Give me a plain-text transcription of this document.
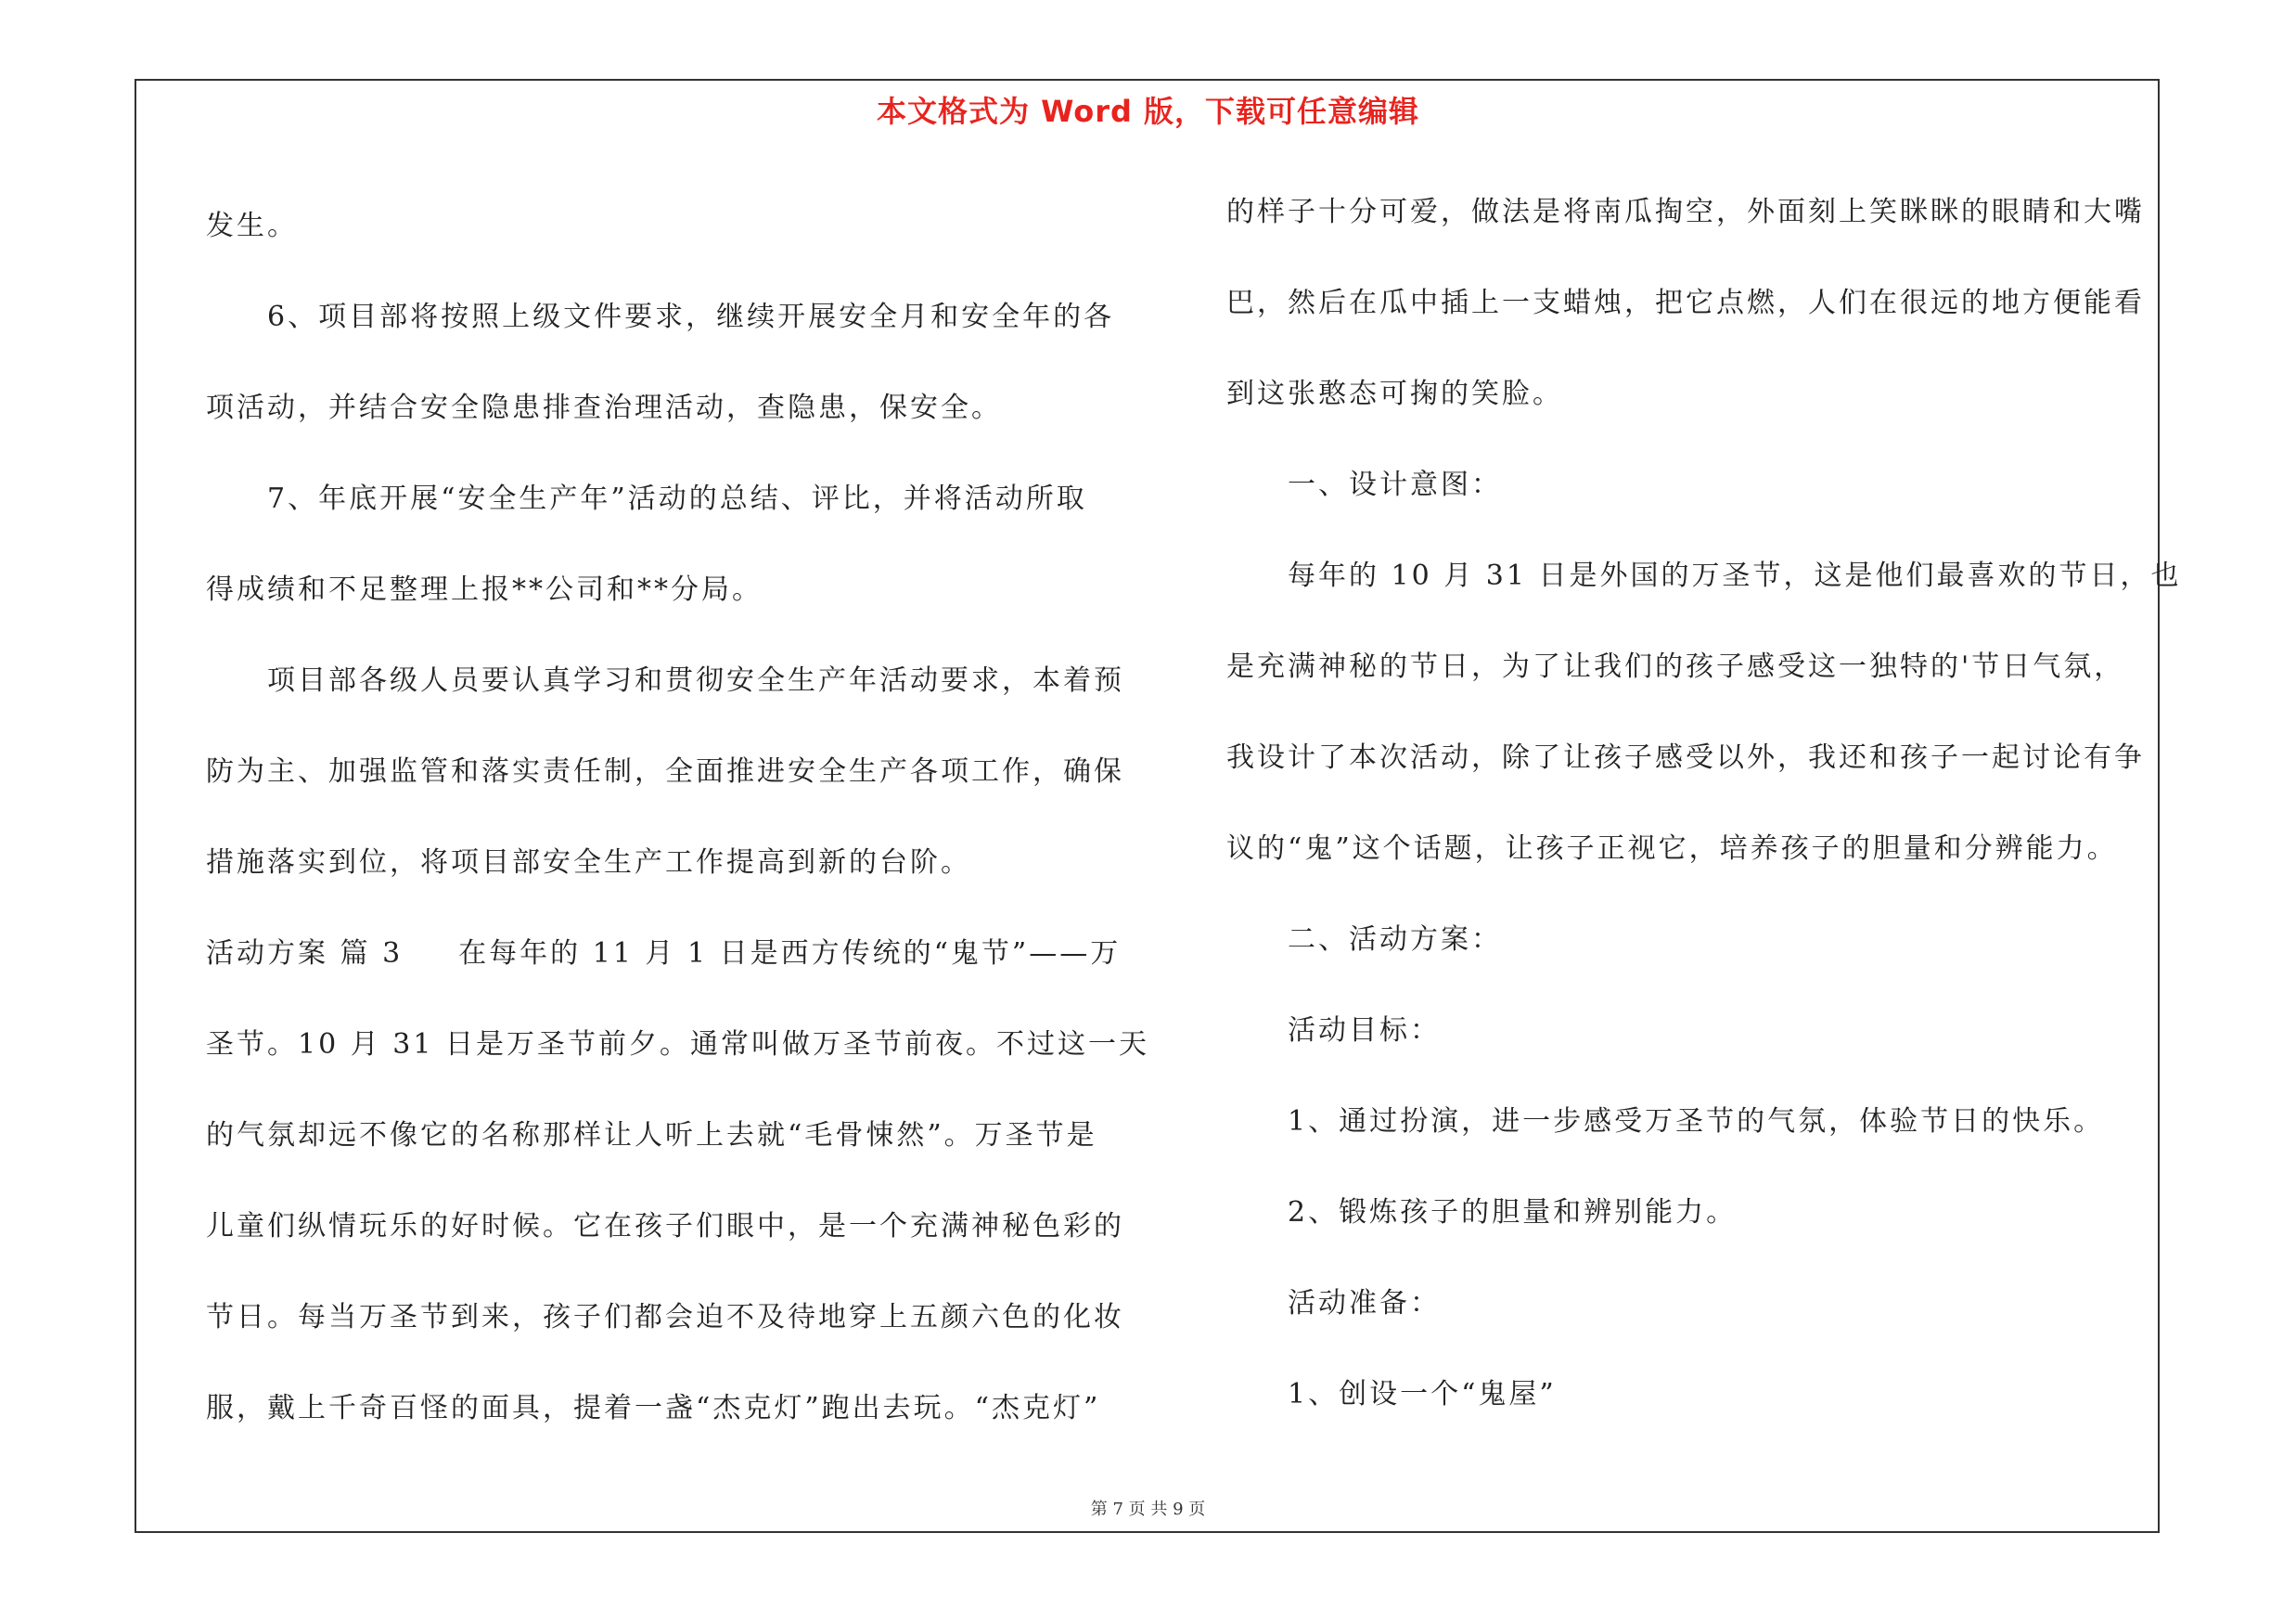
本文格式为 Word 版，下载可任意编辑
发生。
6、项目部将按照上级文件要求，继续开展安全月和安全年的各
项活动，并结合安全隐患排查治理活动，查隐患，保安全。
7、年底开展“安全生产年”活动的总结、评比，并将活动所取
得成绩和不足整理上报**公司和**分局。
项目部各级人员要认真学习和贯彻安全生产年活动要求，本着预
防为主、加强监管和落实责任制，全面推进安全生产各项工作，确保
措施落实到位，将项目部安全生产工作提高到新的台阶。
活动方案 篇 3 在每年的 11 月 1 日是西方传统的“鬼节”——万
圣节。10 月 31 日是万圣节前夕。通常叫做万圣节前夜。不过这一天
的气氛却远不像它的名称那样让人听上去就“毛骨悚然”。万圣节是
儿童们纵情玩乐的好时候。它在孩子们眼中，是一个充满神秘色彩的
节日。每当万圣节到来，孩子们都会迫不及待地穿上五颜六色的化妆
服，戴上千奇百怪的面具，提着一盏“杰克灯”跑出去玩。“杰克灯”
的样子十分可爱，做法是将南瓜掏空，外面刻上笑眯眯的眼睛和大嘴
巴，然后在瓜中插上一支蜡烛，把它点燃，人们在很远的地方便能看
到这张憨态可掬的笑脸。
一、设计意图：
每年的 10 月 31 日是外国的万圣节，这是他们最喜欢的节日，也
是充满神秘的节日，为了让我们的孩子感受这一独特的'节日气氛，
我设计了本次活动，除了让孩子感受以外，我还和孩子一起讨论有争
议的“鬼”这个话题，让孩子正视它，培养孩子的胆量和分辨能力。
二、活动方案：
活动目标：
1、通过扮演，进一步感受万圣节的气氛，体验节日的快乐。
2、锻炼孩子的胆量和辨别能力。
活动准备：
1、创设一个“鬼屋”
第 7 页 共 9 页
